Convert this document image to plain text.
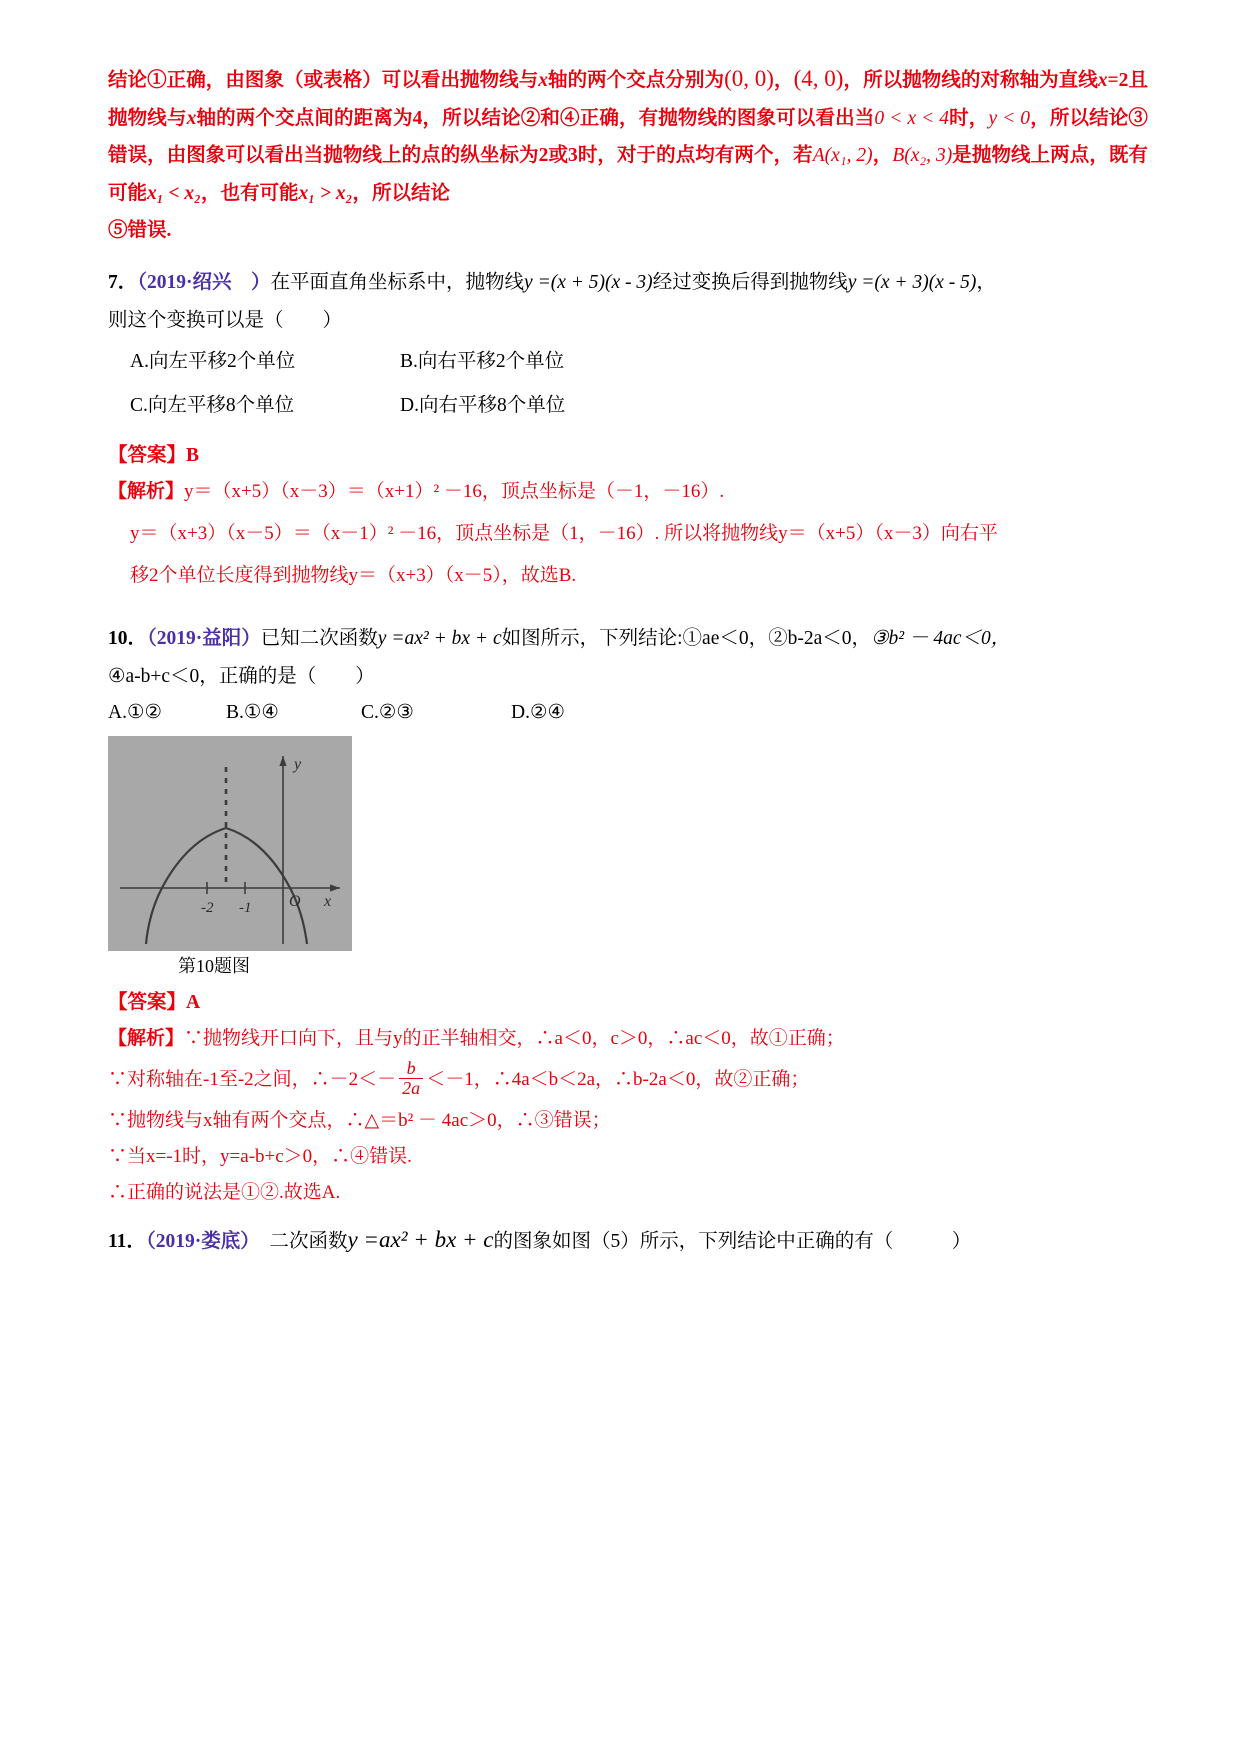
结论①正确，由图象（或表格）可以看出抛物线与x轴的两个交点分别为(0, 0)，(4, 0)，所以抛物线的对称轴为直线x=2且抛物线与x轴的两个交点间的距离为4，所以结论②和④正确，有抛物线的图象可以看出当0 < x < 4时，y < 0，所以结论③错误，由图象可以看出当抛物线上的点的纵坐标为2或3时，对于的点均有两个，若A(x₁, 2)，B(x₂, 3)是抛物线上两点，既有可能x₁ < x₂，也有可能x₁ > x₂，所以结论
⑤错误.
7．（2019·绍兴　）在平面直角坐标系中，抛物线y =(x + 5)(x - 3)经过变换后得到抛物线y =(x + 3)(x - 5)，
则这个变换可以是（　　）
A.向左平移2个单位	B.向右平移2个单位
C.向左平移8个单位	D.向右平移8个单位
【答案】B
【解析】y＝（x+5）（x－3）＝（x+1）² －16，顶点坐标是（－1，－16）.
y＝（x+3）（x－5）＝（x－1）² －16，顶点坐标是（1，－16）. 所以将抛物线y＝（x+5）（x－3）向右平
移2个单位长度得到抛物线y＝（x+3）（x－5），故选B.
10．（2019·益阳）已知二次函数y =ax² + bx + c如图所示，下列结论:①ae＜0，②b-2a＜0，③b² － 4ac＜0，
④a-b+c＜0，正确的是（　　）
A.①②	B.①④	C.②③	D.②④
-2 -1 O x
y
第10题图
【答案】A
【解析】∵抛物线开口向下，且与y的正半轴相交，∴a＜0，c＞0，∴ac＜0，故①正确；
∵对称轴在-1至-2之间，∴－2＜－ $\frac{b}{2a} <-1$，∴4a＜b＜2a，∴b-2a＜0，故②正确；
∵抛物线与x轴有两个交点，∴△＝b² － 4ac＞0，∴③错误；
∵当x=-1时，y=a-b+c＞0，∴④错误.
∴正确的说法是①②.故选A.
11．（2019·娄底） 二次函数y =ax² + bx + c的图象如图（5）所示，下列结论中正确的有（　　　）
